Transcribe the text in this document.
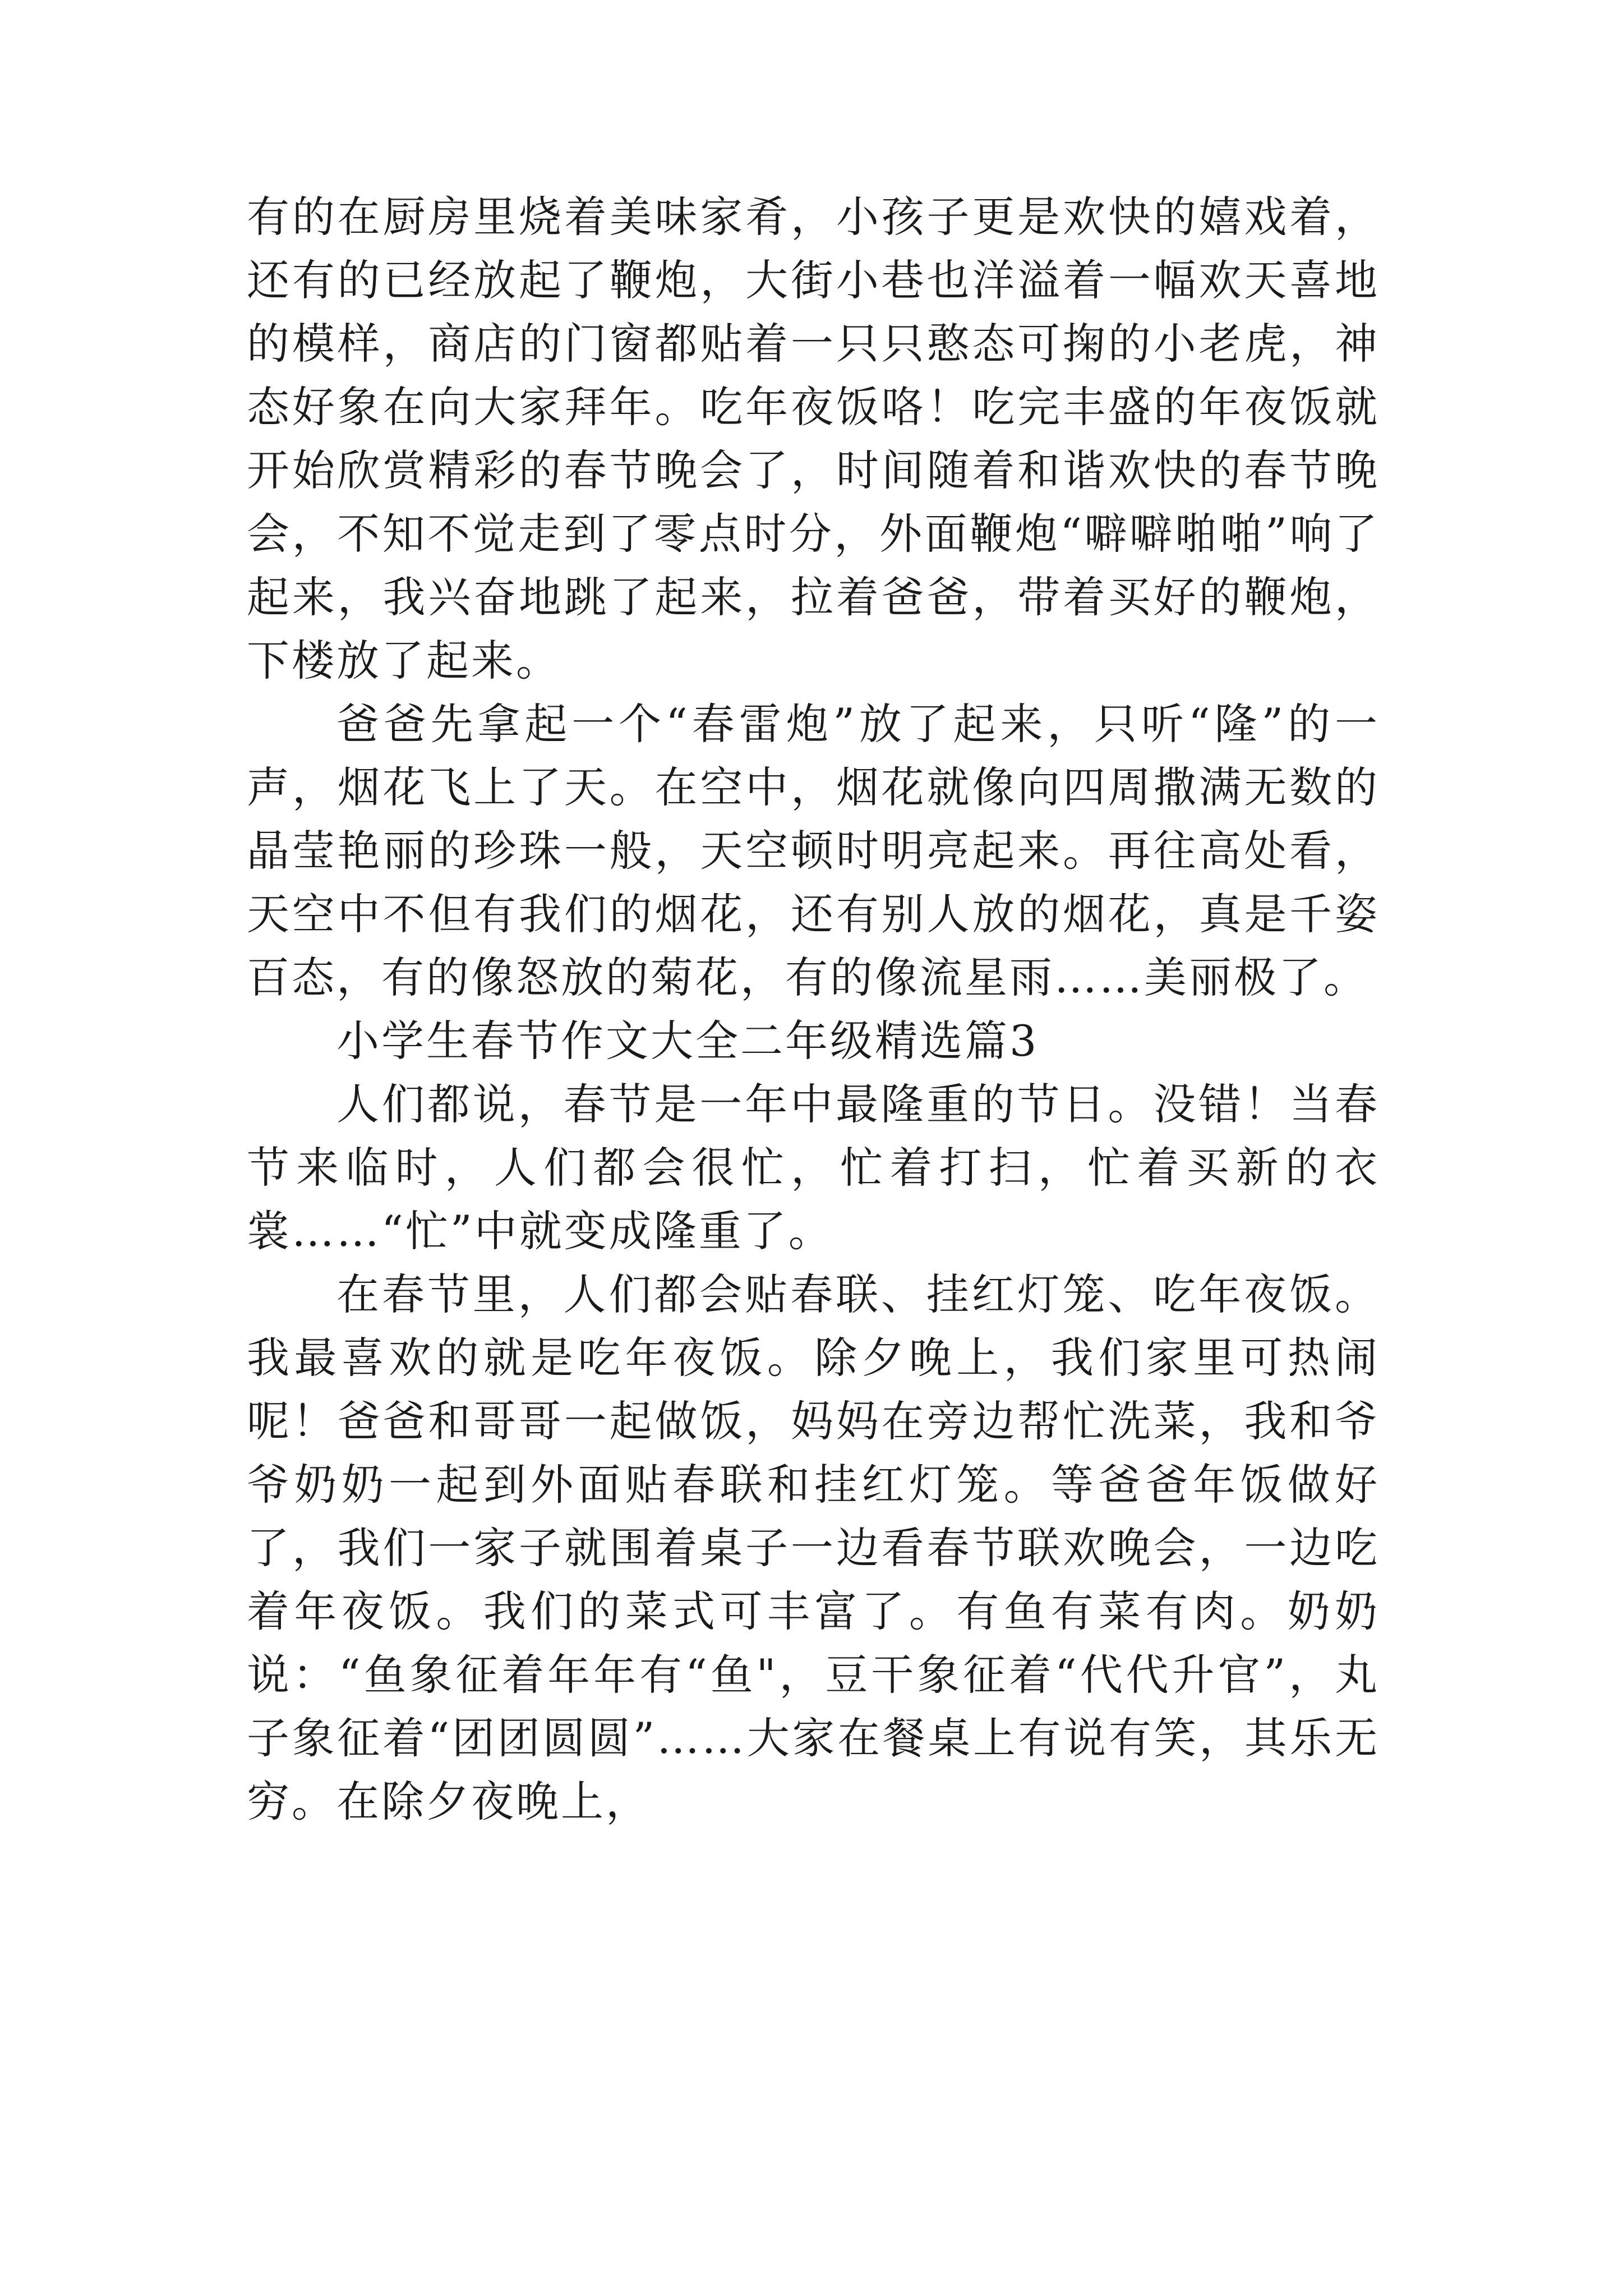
有的在厨房里烧着美味家肴，小孩子更是欢快的嬉戏着，还有的已经放起了鞭炮，大街小巷也洋溢着一幅欢天喜地的模样，商店的门窗都贴着一只只憨态可掬的小老虎，神态好象在向大家拜年。吃年夜饭咯！吃完丰盛的年夜饭就开始欣赏精彩的春节晚会了，时间随着和谐欢快的春节晚会，不知不觉走到了零点时分，外面鞭炮“噼噼啪啪”响了起来，我兴奋地跳了起来，拉着爸爸，带着买好的鞭炮，下楼放了起来。

爸爸先拿起一个“春雷炮”放了起来，只听“隆”的一声，烟花飞上了天。在空中，烟花就像向四周撒满无数的晶莹艳丽的珍珠一般，天空顿时明亮起来。再往高处看，天空中不但有我们的烟花，还有别人放的烟花，真是千姿百态，有的像怒放的菊花，有的像流星雨……美丽极了。

小学生春节作文大全二年级精选篇3

人们都说，春节是一年中最隆重的节日。没错！当春节来临时，人们都会很忙，忙着打扫，忙着买新的衣裳……“忙”中就变成隆重了。

在春节里，人们都会贴春联、挂红灯笼、吃年夜饭。我最喜欢的就是吃年夜饭。除夕晚上，我们家里可热闹呢！爸爸和哥哥一起做饭，妈妈在旁边帮忙洗菜，我和爷爷奶奶一起到外面贴春联和挂红灯笼。等爸爸年饭做好了，我们一家子就围着桌子一边看春节联欢晚会，一边吃着年夜饭。我们的菜式可丰富了。有鱼有菜有肉。奶奶说：“鱼象征着年年有“鱼"，豆干象征着“代代升官”，丸子象征着“团团圆圆”……大家在餐桌上有说有笑，其乐无穷。在除夕夜晚上，
